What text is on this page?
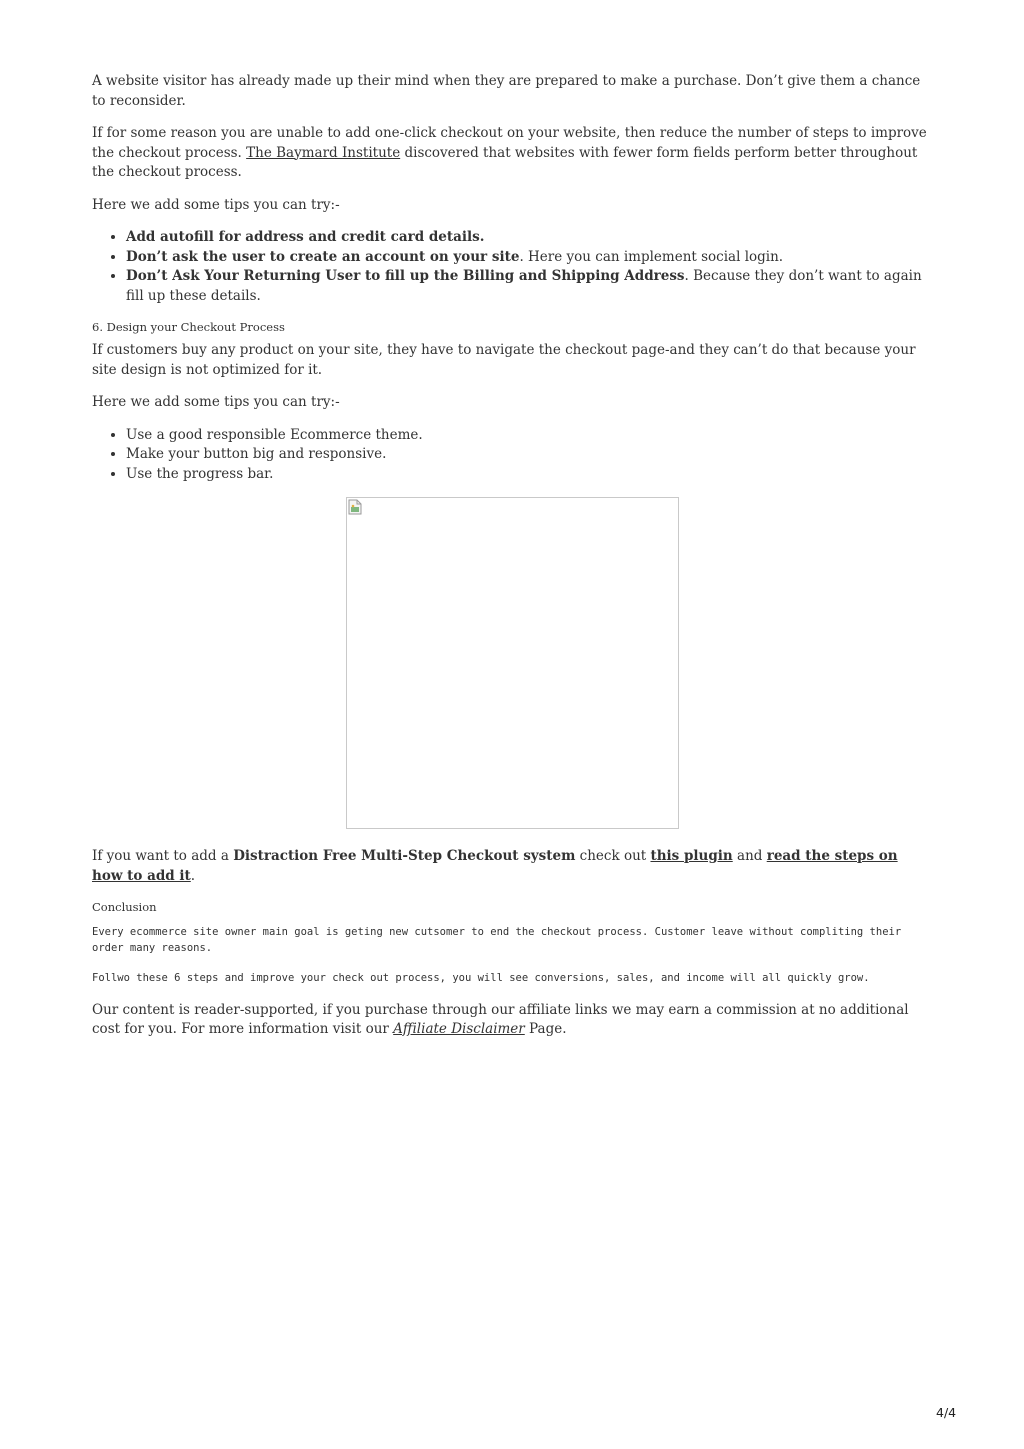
A website visitor has already made up their mind when they are prepared to make a purchase. Don’t give them a chance to reconsider.

If for some reason you are unable to add one-click checkout on your website, then reduce the number of steps to improve the checkout process. The Baymard Institute discovered that websites with fewer form fields perform better throughout the checkout process.

Here we add some tips you can try:-

• Add autofill for address and credit card details.
• Don’t ask the user to create an account on your site. Here you can implement social login.
• Don’t Ask Your Returning User to fill up the Billing and Shipping Address. Because they don’t want to again fill up these details.

6. Design your Checkout Process

If customers buy any product on your site, they have to navigate the checkout page-and they can’t do that because your site design is not optimized for it.

Here we add some tips you can try:-

• Use a good responsible Ecommerce theme.
• Make your button big and responsive.
• Use the progress bar.

If you want to add a Distraction Free Multi-Step Checkout system check out this plugin and read the steps on how to add it.

Conclusion

Every ecommerce site owner main goal is geting new cutsomer to end the checkout process. Customer leave without compliting their order many reasons.

Follwo these 6 steps and improve your check out process, you will see conversions, sales, and income will all quickly grow.

Our content is reader-supported, if you purchase through our affiliate links we may earn a commission at no additional cost for you. For more information visit our Affiliate Disclaimer Page.

4/4
